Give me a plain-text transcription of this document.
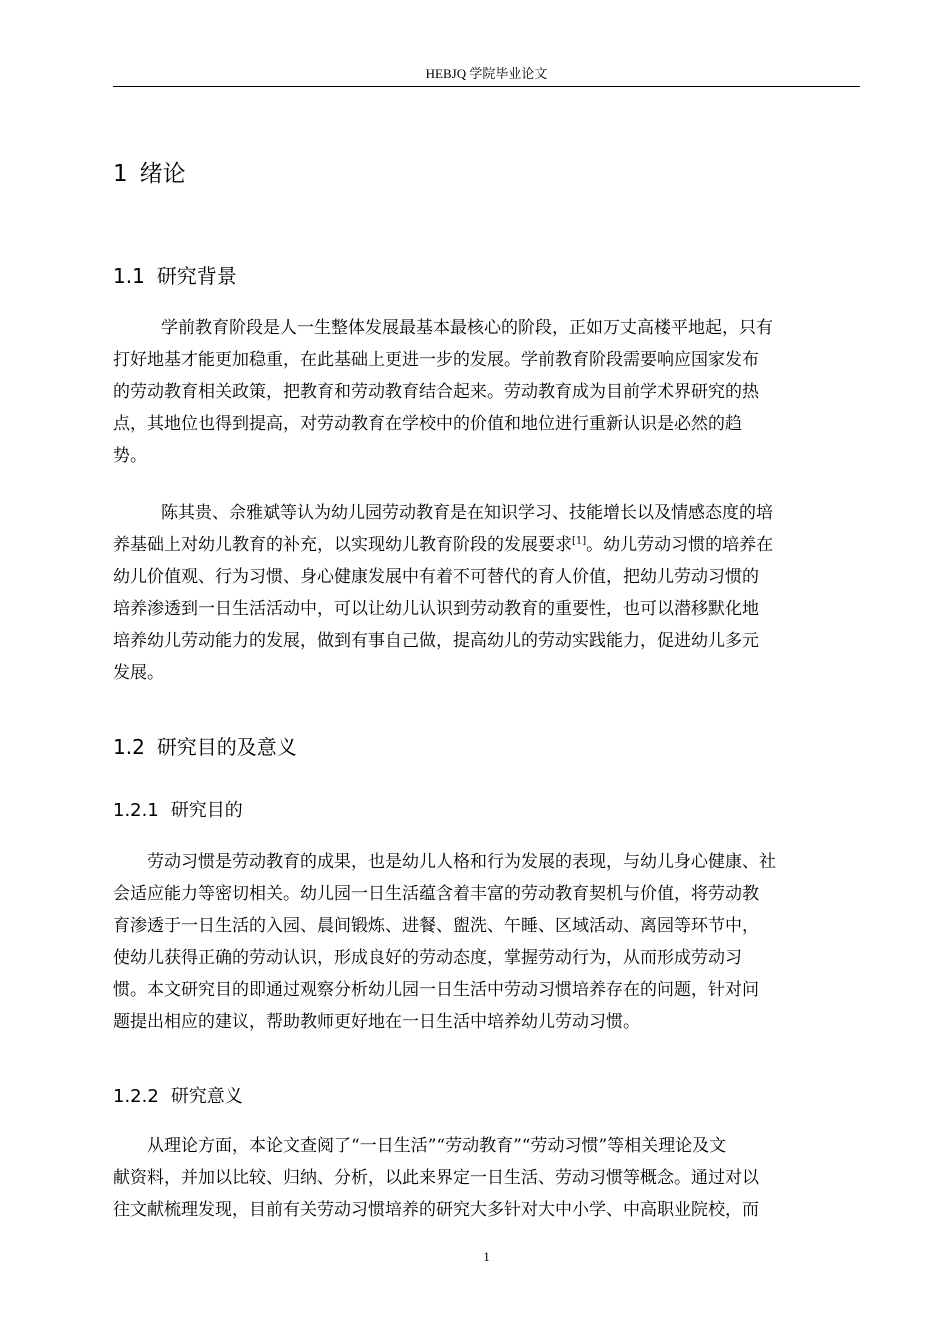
HEBJQ 学院毕业论文
1 绪论
1.1 研究背景
学前教育阶段是人一生整体发展最基本最核心的阶段，正如万丈高楼平地起，只有
打好地基才能更加稳重，在此基础上更进一步的发展。学前教育阶段需要响应国家发布
的劳动教育相关政策，把教育和劳动教育结合起来。劳动教育成为目前学术界研究的热
点，其地位也得到提高，对劳动教育在学校中的价值和地位进行重新认识是必然的趋
势。
陈其贵、佘雅斌等认为幼儿园劳动教育是在知识学习、技能增长以及情感态度的培
养基础上对幼儿教育的补充，以实现幼儿教育阶段的发展要求[1]。幼儿劳动习惯的培养在
幼儿价值观、行为习惯、身心健康发展中有着不可替代的育人价值，把幼儿劳动习惯的
培养渗透到一日生活活动中，可以让幼儿认识到劳动教育的重要性，也可以潜移默化地
培养幼儿劳动能力的发展，做到有事自己做，提高幼儿的劳动实践能力，促进幼儿多元
发展。
1.2 研究目的及意义
1.2.1 研究目的
劳动习惯是劳动教育的成果，也是幼儿人格和行为发展的表现，与幼儿身心健康、社
会适应能力等密切相关。幼儿园一日生活蕴含着丰富的劳动教育契机与价值，将劳动教
育渗透于一日生活的入园、晨间锻炼、进餐、盥洗、午睡、区域活动、离园等环节中，
使幼儿获得正确的劳动认识，形成良好的劳动态度，掌握劳动行为，从而形成劳动习
惯。本文研究目的即通过观察分析幼儿园一日生活中劳动习惯培养存在的问题，针对问
题提出相应的建议，帮助教师更好地在一日生活中培养幼儿劳动习惯。
1.2.2 研究意义
从理论方面，本论文查阅了“一日生活”“劳动教育”“劳动习惯”等相关理论及文
献资料，并加以比较、归纳、分析，以此来界定一日生活、劳动习惯等概念。通过对以
往文献梳理发现，目前有关劳动习惯培养的研究大多针对大中小学、中高职业院校，而
1
